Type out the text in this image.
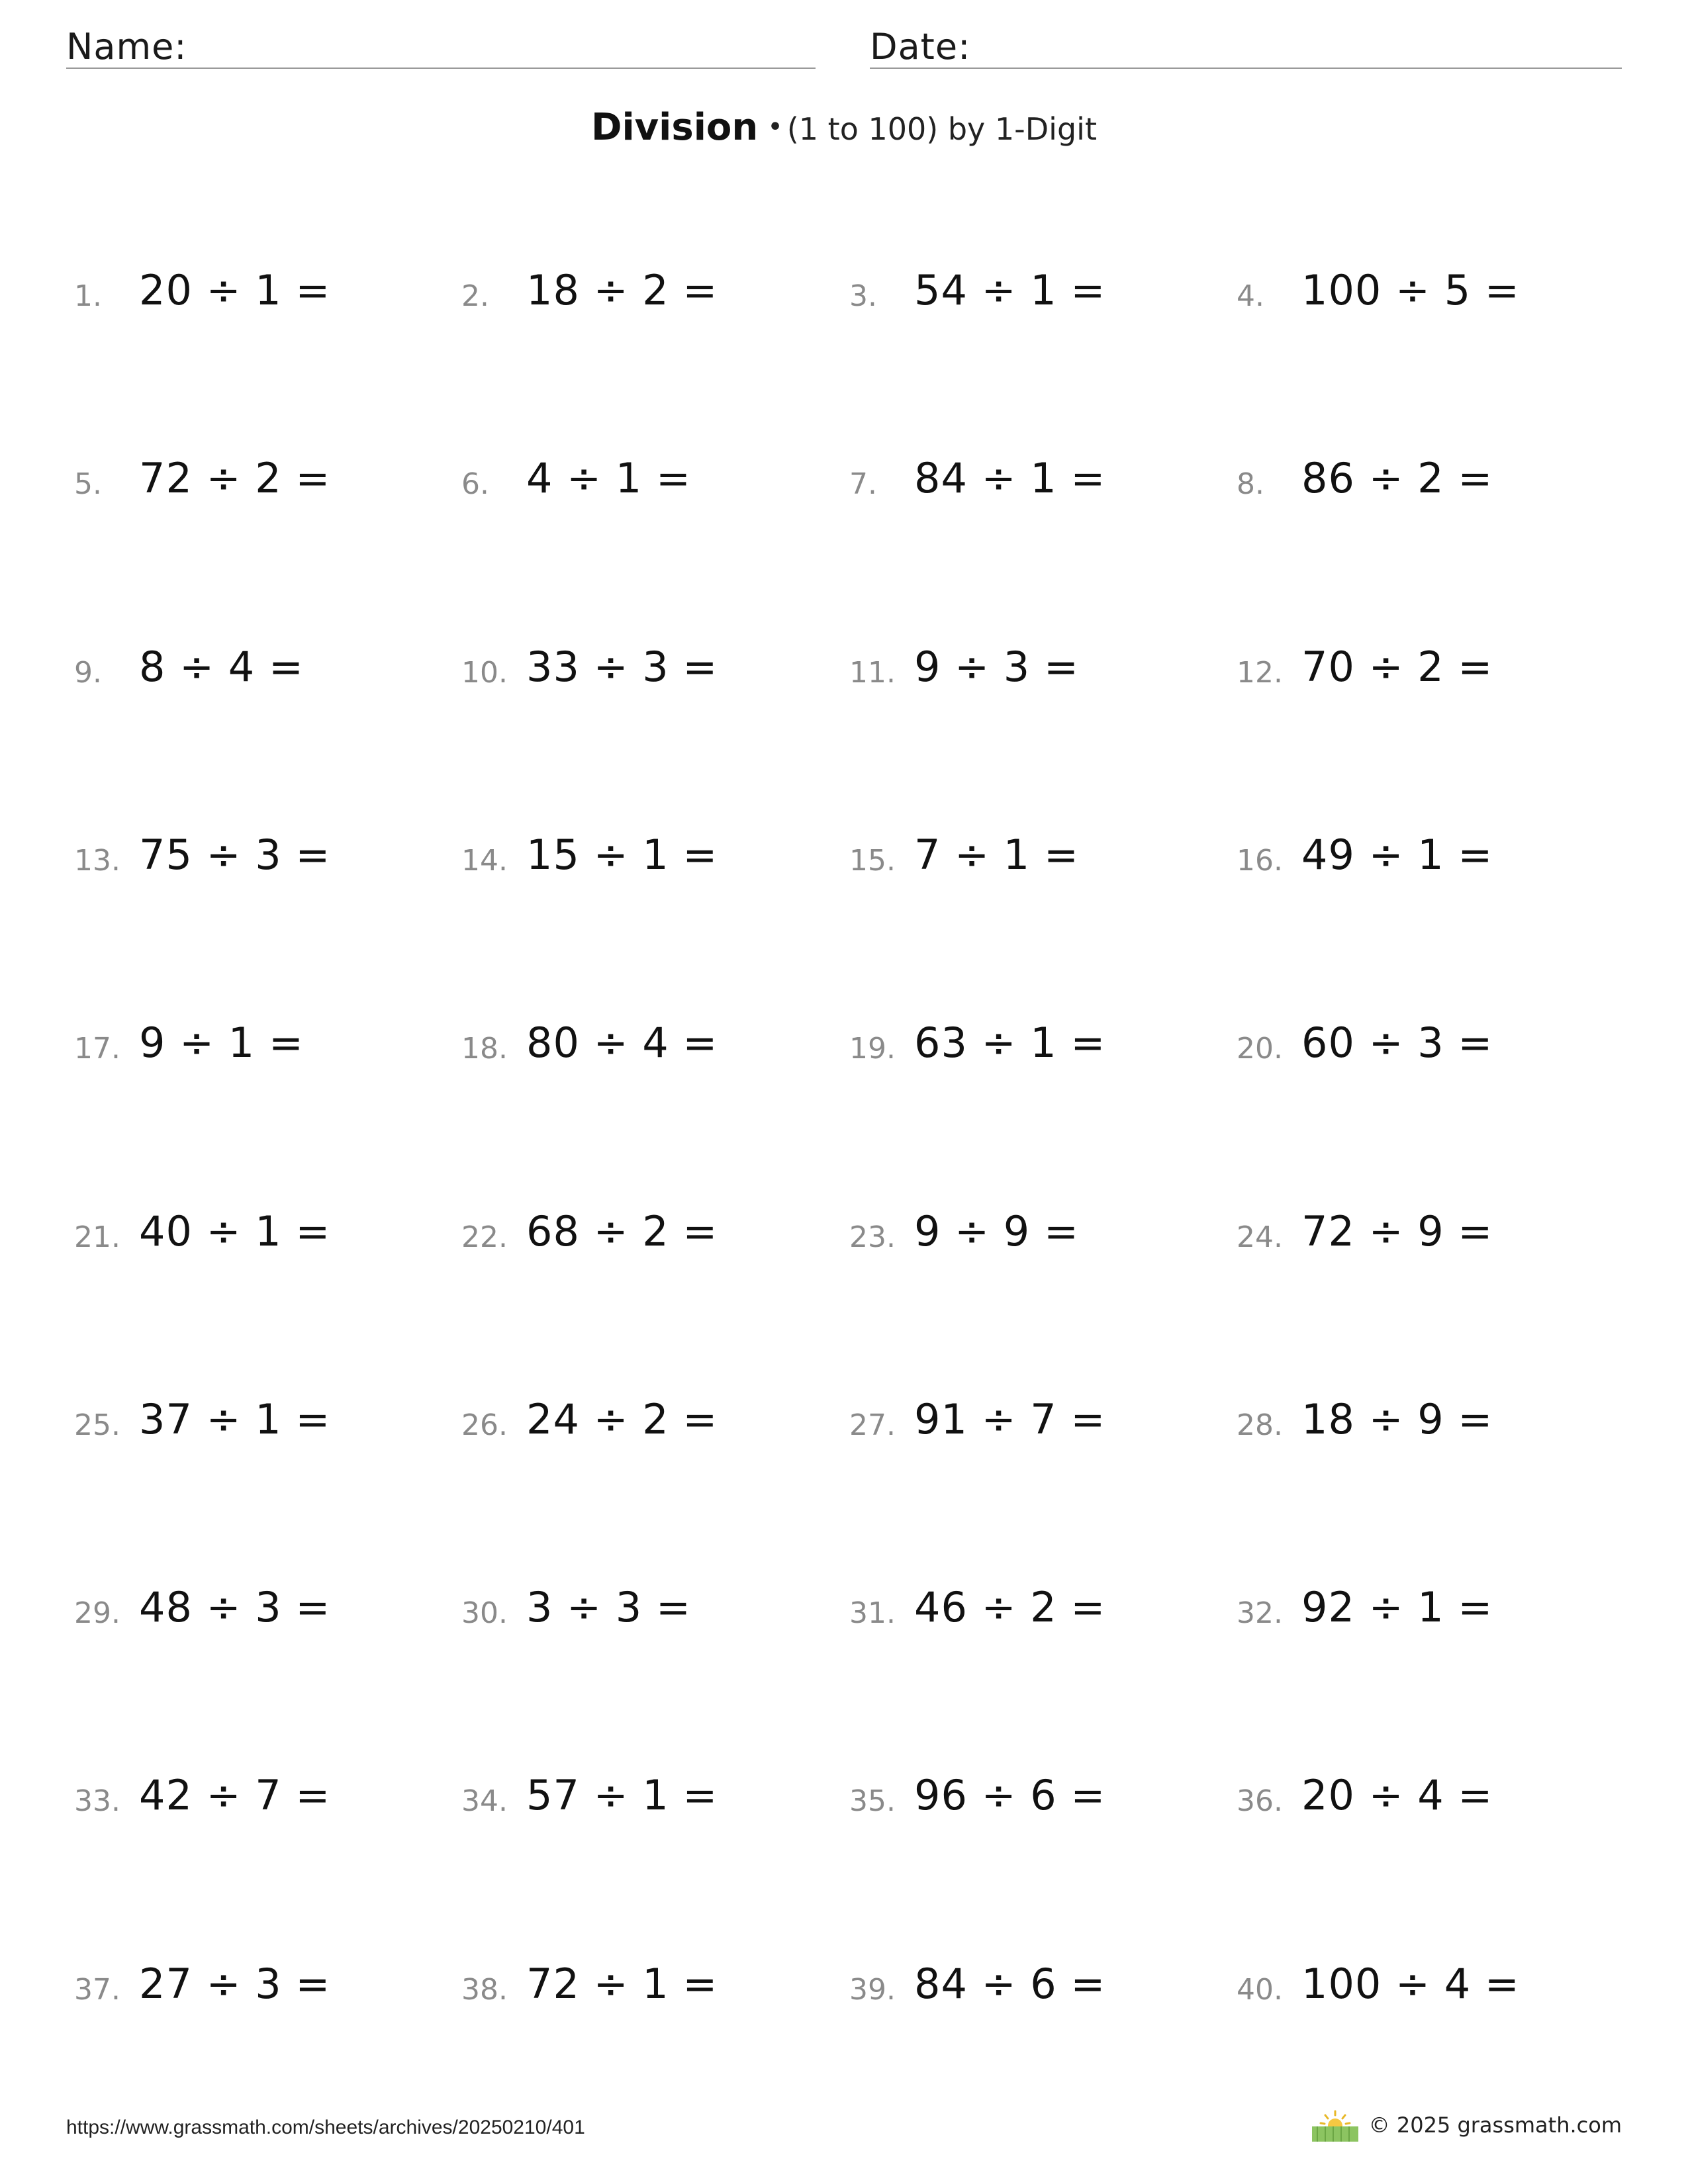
Name:	Date:
Division • (1 to 100) by 1-Digit
1. 20 ÷ 1 =	2. 18 ÷ 2 =	3. 54 ÷ 1 =	4. 100 ÷ 5 =
5. 72 ÷ 2 =	6. 4 ÷ 1 =	7. 84 ÷ 1 =	8. 86 ÷ 2 =
9. 8 ÷ 4 =	10. 33 ÷ 3 =	11. 9 ÷ 3 =	12. 70 ÷ 2 =
13. 75 ÷ 3 =	14. 15 ÷ 1 =	15. 7 ÷ 1 =	16. 49 ÷ 1 =
17. 9 ÷ 1 =	18. 80 ÷ 4 =	19. 63 ÷ 1 =	20. 60 ÷ 3 =
21. 40 ÷ 1 =	22. 68 ÷ 2 =	23. 9 ÷ 9 =	24. 72 ÷ 9 =
25. 37 ÷ 1 =	26. 24 ÷ 2 =	27. 91 ÷ 7 =	28. 18 ÷ 9 =
29. 48 ÷ 3 =	30. 3 ÷ 3 =	31. 46 ÷ 2 =	32. 92 ÷ 1 =
33. 42 ÷ 7 =	34. 57 ÷ 1 =	35. 96 ÷ 6 =	36. 20 ÷ 4 =
37. 27 ÷ 3 =	38. 72 ÷ 1 =	39. 84 ÷ 6 =	40. 100 ÷ 4 =
https://www.grassmath.com/sheets/archives/20250210/401	© 2025 grassmath.com
